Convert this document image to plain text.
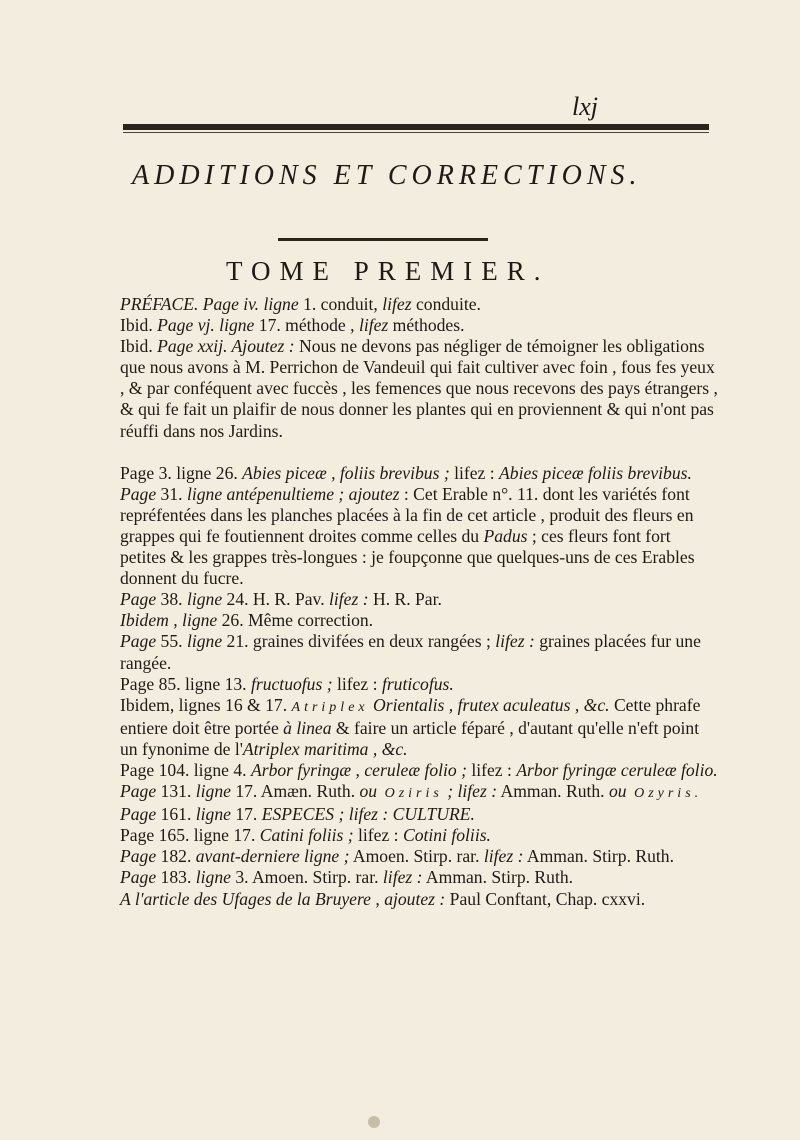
lxj
ADDITIONS ET CORRECTIONS.
TOME PREMIER.

PRÉFACE. Page iv. ligne 1. conduit, lifez conduite.

Ibid. Page vj. ligne 17. méthode , lifez méthodes.

Ibid. Page xxij. Ajoutez : Nous ne devons pas négliger de témoigner les obligations que nous avons à M. Perrichon de Vandeuil qui fait cultiver avec foin , fous fes yeux , & par conféquent avec fuccès , les femences que nous recevons des pays étrangers , & qui fe fait un plaifir de nous donner les plantes qui en proviennent & qui n'ont pas réuffi dans nos Jardins.

Page 3. ligne 26. Abies piceæ , foliis brevibus ; lifez : Abies piceæ foliis brevibus.

Page 31. ligne antépenultieme ; ajoutez : Cet Erable n°. 11. dont les variétés font repréfentées dans les planches placées à la fin de cet article , produit des fleurs en grappes qui fe foutiennent droites comme celles du Padus ; ces fleurs font fort petites & les grappes très-longues : je foupçonne que quelques-uns de ces Erables donnent du fucre.

Page 38. ligne 24. H. R. Pav. lifez : H. R. Par.

Ibidem , ligne 26. Même correction.

Page 55. ligne 21. graines divifées en deux rangées ; lifez : graines placées fur une rangée.

Page 85. ligne 13. fructuofus ; lifez : fruticofus.

Ibidem, lignes 16 & 17. Atriplex Orientalis , frutex aculeatus , &c. Cette phrafe entiere doit être portée à linea & faire un article féparé , d'autant qu'elle n'eft point un fynonime de l'Atriplex maritima , &c.

Page 104. ligne 4. Arbor fyringæ , ceruleæ folio ; lifez : Arbor fyringæ ceruleæ folio.

Page 131. ligne 17. Amæn. Ruth. ou Oziris ; lifez : Amman. Ruth. ou Ozyris.

Page 161. ligne 17. ESPECES ; lifez : CULTURE.

Page 165. ligne 17. Catini foliis ; lifez : Cotini foliis.

Page 182. avant-derniere ligne ; Amoen. Stirp. rar. lifez : Amman. Stirp. Ruth.

Page 183. ligne 3. Amoen. Stirp. rar. lifez : Amman. Stirp. Ruth.

A l'article des Ufages de la Bruyere , ajoutez : Paul Conftant, Chap. cxxvi.
